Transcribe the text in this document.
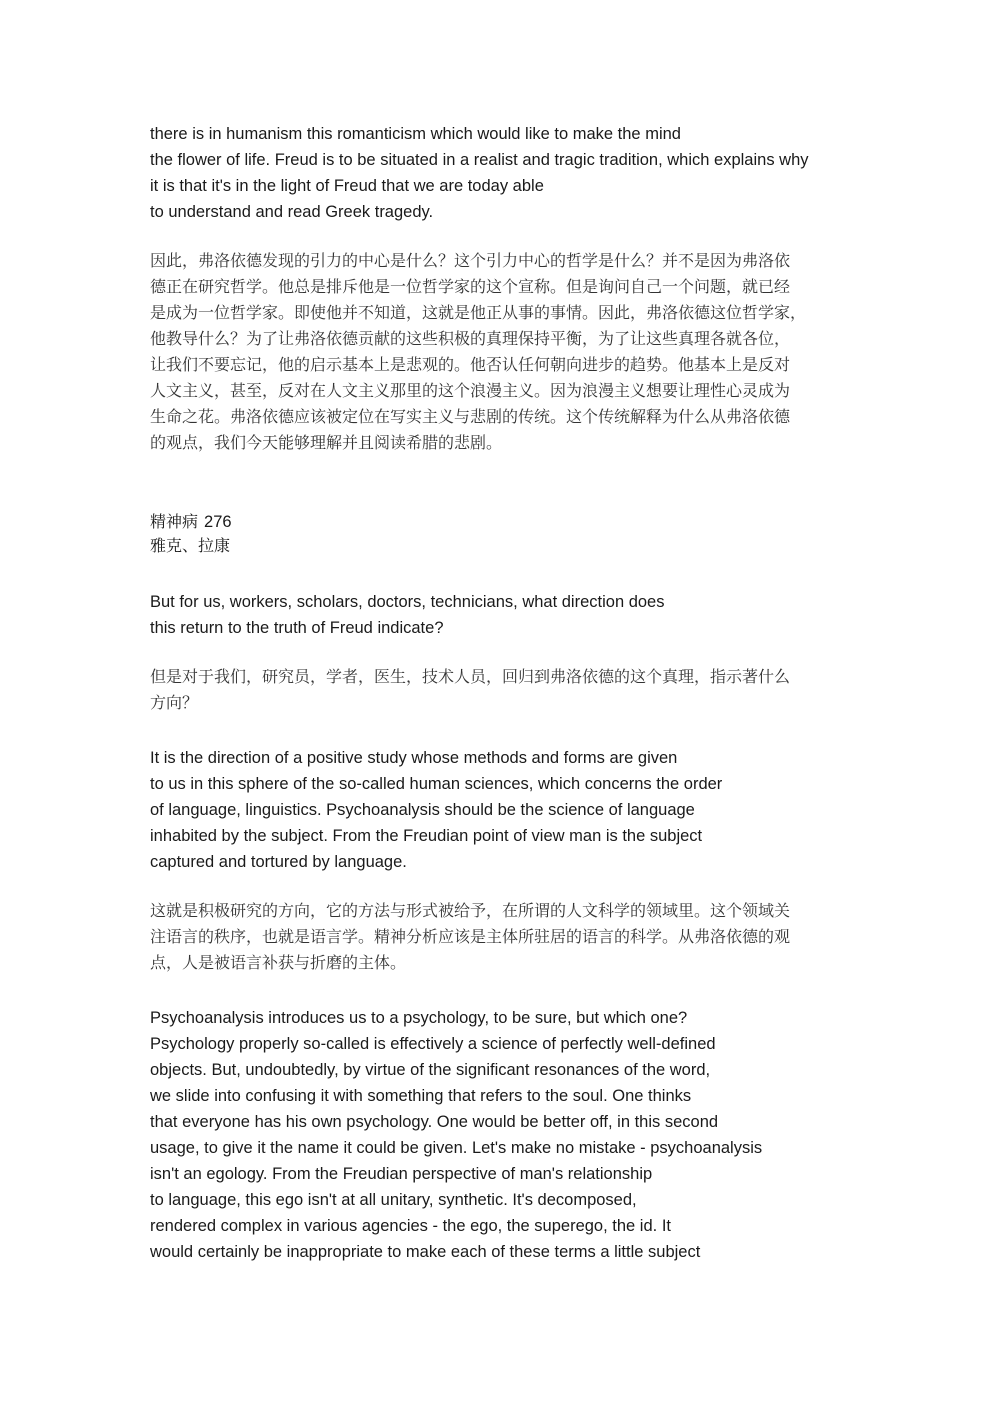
there is in humanism this romanticism which would like to make the mind
the flower of life. Freud is to be situated in a realist and tragic tradition, which explains why
it is that it's in the light of Freud that we are today able
to understand and read Greek tragedy.
因此，弗洛依德发现的引力的中心是什么？这个引力中心的哲学是什么？并不是因为弗洛依
德正在研究哲学。他总是排斥他是一位哲学家的这个宣称。但是询问自己一个问题，就已经
是成为一位哲学家。即使他并不知道，这就是他正从事的事情。因此，弗洛依德这位哲学家，
他教导什么？为了让弗洛依德贡献的这些积极的真理保持平衡，为了让这些真理各就各位，
让我们不要忘记，他的启示基本上是悲观的。他否认任何朝向进步的趋势。他基本上是反对
人文主义，甚至，反对在人文主义那里的这个浪漫主义。因为浪漫主义想要让理性心灵成为
生命之花。弗洛依德应该被定位在写实主义与悲剧的传统。这个传统解释为什么从弗洛依德
的观点，我们今天能够理解并且阅读希腊的悲剧。
精神病 276
雅克、拉康
But for us, workers, scholars, doctors, technicians, what direction does
this return to the truth of Freud indicate?
但是对于我们，研究员，学者，医生，技术人员，回归到弗洛依德的这个真理，指示著什么
方向？
It is the direction of a positive study whose methods and forms are given
to us in this sphere of the so-called human sciences, which concerns the order
of language, linguistics. Psychoanalysis should be the science of language
inhabited by the subject. From the Freudian point of view man is the subject
captured and tortured by language.
这就是积极研究的方向，它的方法与形式被给予，在所谓的人文科学的领域里。这个领域关
注语言的秩序，也就是语言学。精神分析应该是主体所驻居的语言的科学。从弗洛依德的观
点，人是被语言补获与折磨的主体。
Psychoanalysis introduces us to a psychology, to be sure, but which one?
Psychology properly so-called is effectively a science of perfectly well-defined
objects. But, undoubtedly, by virtue of the significant resonances of the word,
we slide into confusing it with something that refers to the soul. One thinks
that everyone has his own psychology. One would be better off, in this second
usage, to give it the name it could be given. Let's make no mistake - psychoanalysis
isn't an egology. From the Freudian perspective of man's relationship
to language, this ego isn't at all unitary, synthetic. It's decomposed,
rendered complex in various agencies - the ego, the superego, the id. It
would certainly be inappropriate to make each of these terms a little subject
